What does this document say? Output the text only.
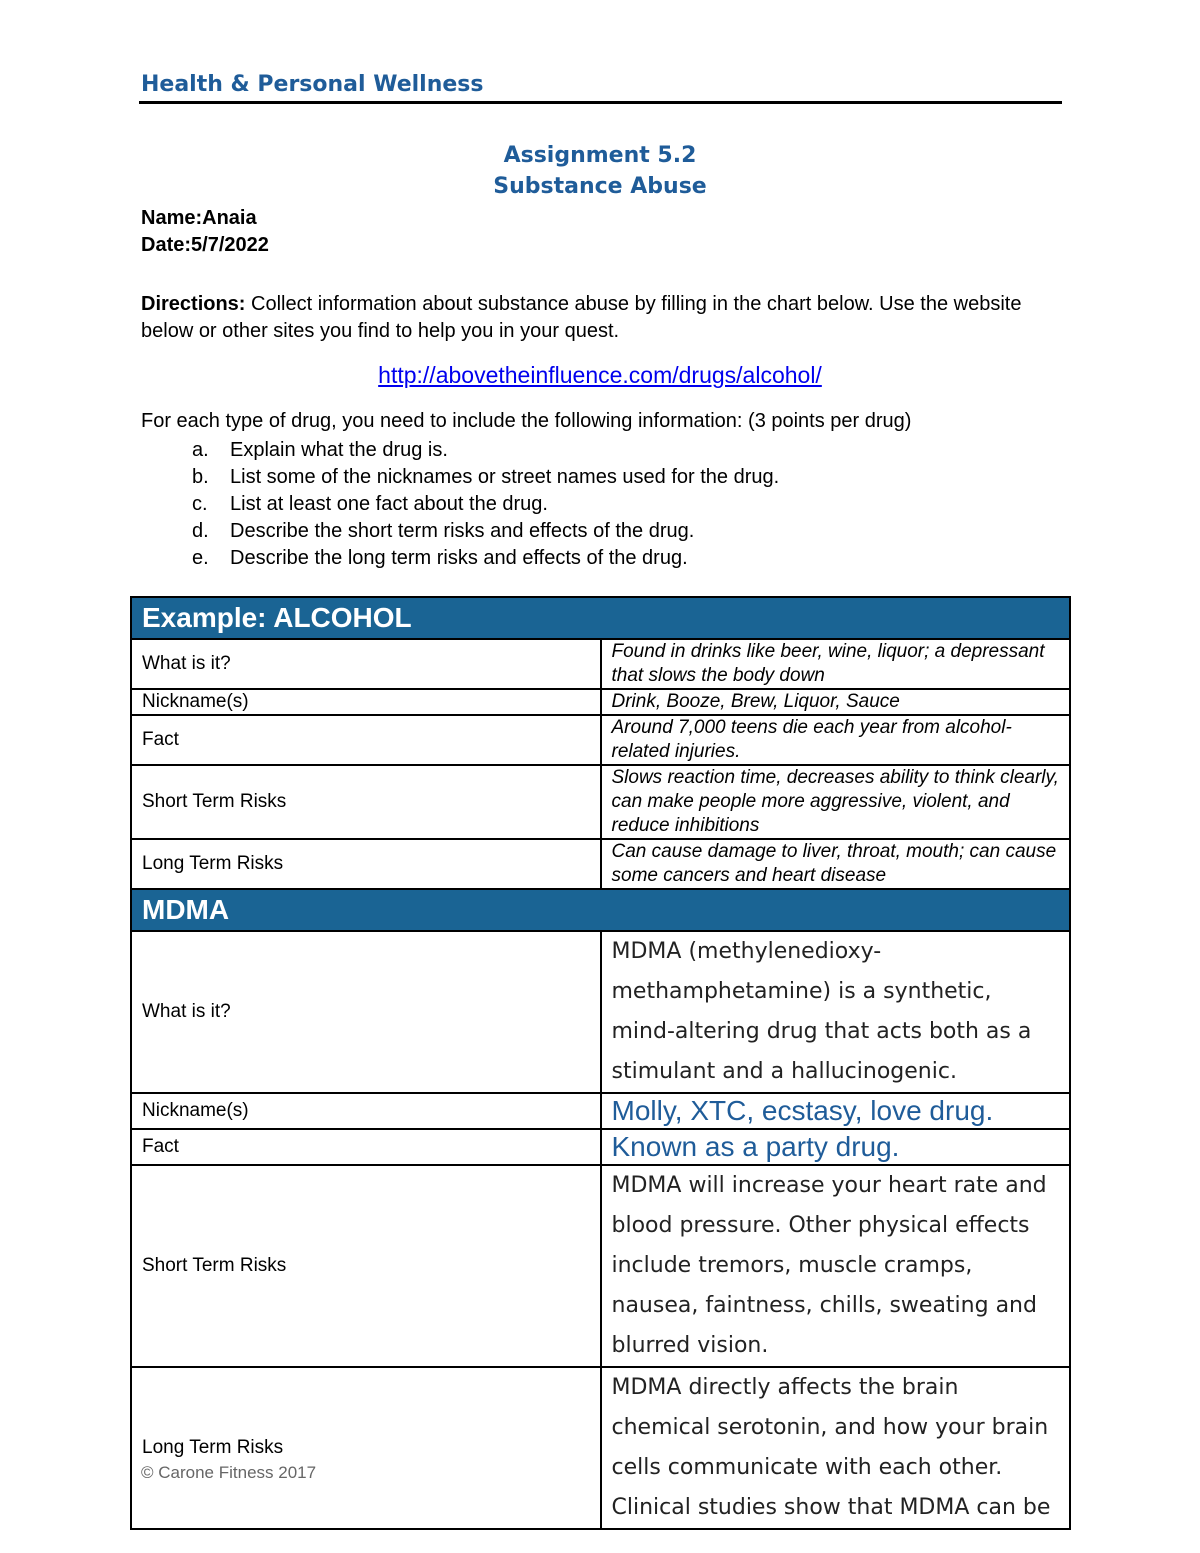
Health & Personal Wellness
Assignment 5.2
Substance Abuse
Name:Anaia
Date:5/7/2022
Directions: Collect information about substance abuse by filling in the chart below. Use the website below or other sites you find to help you in your quest.
http://abovetheinfluence.com/drugs/alcohol/
For each type of drug, you need to include the following information: (3 points per drug)
a. Explain what the drug is.
b. List some of the nicknames or street names used for the drug.
c. List at least one fact about the drug.
d. Describe the short term risks and effects of the drug.
e. Describe the long term risks and effects of the drug.
Example: ALCOHOL	
What is it?	Found in drinks like beer, wine, liquor; a depressant that slows the body down
Nickname(s)	Drink, Booze, Brew, Liquor, Sauce
Fact	Around 7,000 teens die each year from alcohol-related injuries.
Short Term Risks	Slows reaction time, decreases ability to think clearly, can make people more aggressive, violent, and reduce inhibitions
Long Term Risks	Can cause damage to liver, throat, mouth; can cause some cancers and heart disease
MDMA	
What is it?	MDMA (methylenedioxy-methamphetamine) is a synthetic, mind-altering drug that acts both as a stimulant and a hallucinogenic.
Nickname(s)	Molly, XTC, ecstasy, love drug.
Fact	Known as a party drug.
Short Term Risks	MDMA will increase your heart rate and blood pressure. Other physical effects include tremors, muscle cramps, nausea, faintness, chills, sweating and blurred vision.
Long Term Risks	MDMA directly affects the brain chemical serotonin, and how your brain cells communicate with each other. Clinical studies show that MDMA can be
© Carone Fitness 2017
